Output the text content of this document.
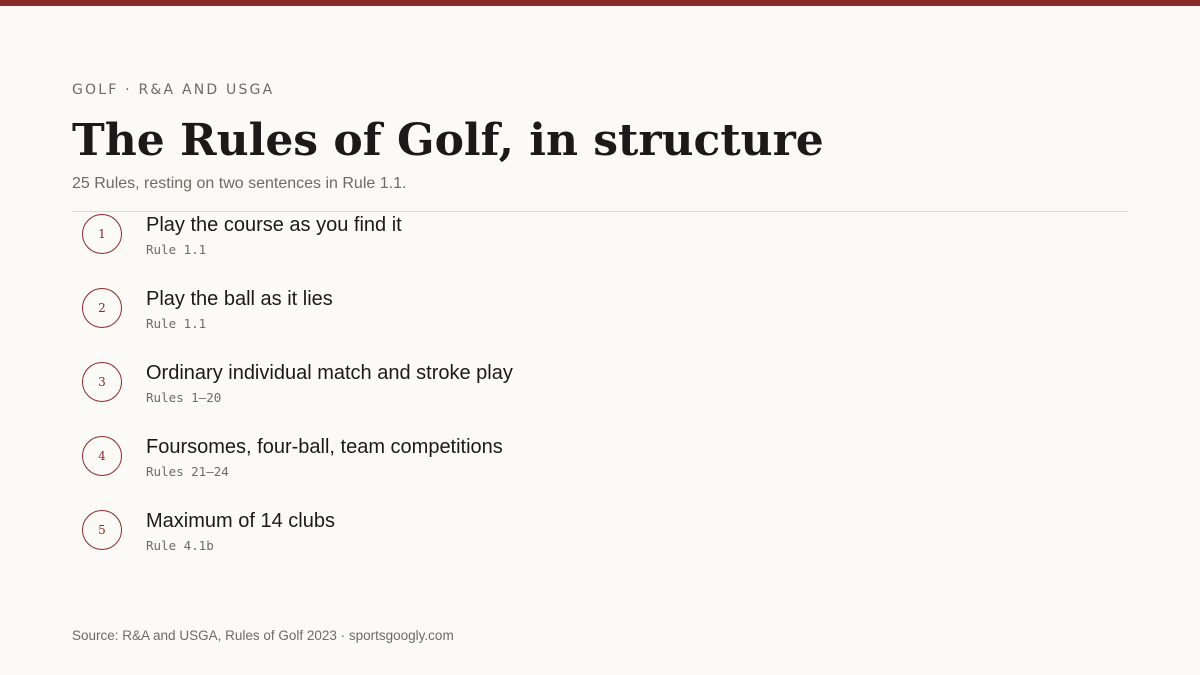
GOLF · R&A AND USGA
The Rules of Golf, in structure
25 Rules, resting on two sentences in Rule 1.1.
1	Play the course as you find it
Rule 1.1
2	Play the ball as it lies
Rule 1.1
3	Ordinary individual match and stroke play
Rules 1–20
4	Foursomes, four-ball, team competitions
Rules 21–24
5	Maximum of 14 clubs
Rule 4.1b
Source: R&A and USGA, Rules of Golf 2023 · sportsgoogly.com
